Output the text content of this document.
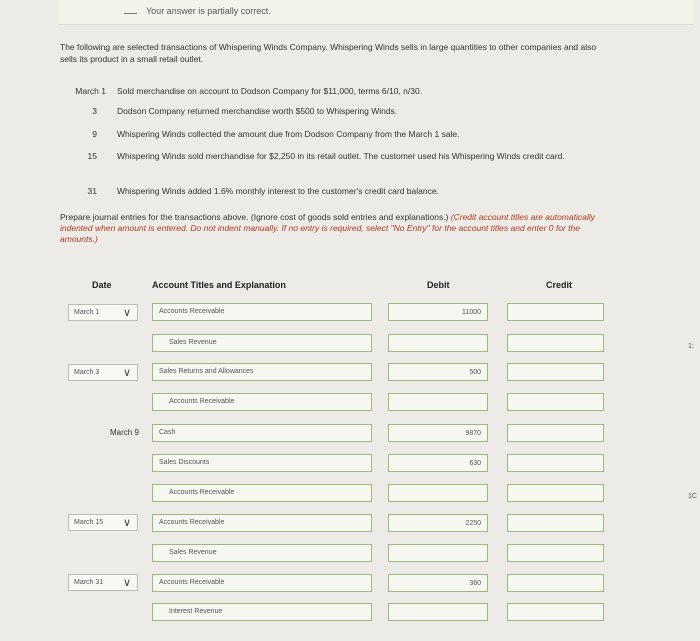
— Your answer is partially correct.
The following are selected transactions of Whispering Winds Company. Whispering Winds sells in large quantities to other companies and also sells its product in a small retail outlet.
March 1 Sold merchandise on account to Dodson Company for $11,000, terms 6/10, n/30.
3 Dodson Company returned merchandise worth $500 to Whispering Winds.
9 Whispering Winds collected the amount due from Dodson Company from the March 1 sale.
15 Whispering Winds sold merchandise for $2,250 in its retail outlet. The customer used his Whispering Winds credit card.
31 Whispering Winds added 1.6% monthly interest to the customer's credit card balance.
Prepare journal entries for the transactions above. (Ignore cost of goods sold entries and explanations.) (Credit account titles are automatically indented when amount is entered. Do not indent manually. If no entry is required, select "No Entry" for the account titles and enter 0 for the amounts.)
Date	Account Titles and Explanation	Debit	Credit
March 1 ∨	Accounts Receivable	11000
Sales Revenue
1:
March 3 ∨	Sales Returns and Allowances	500
Accounts Receivable
March 9	Cash	9870
Sales Discounts	630
Accounts Receivable
1C
March 15 ∨	Accounts Receivable	2250
Sales Revenue
March 31 ∨	Accounts Receivable	360
Interest Revenue
